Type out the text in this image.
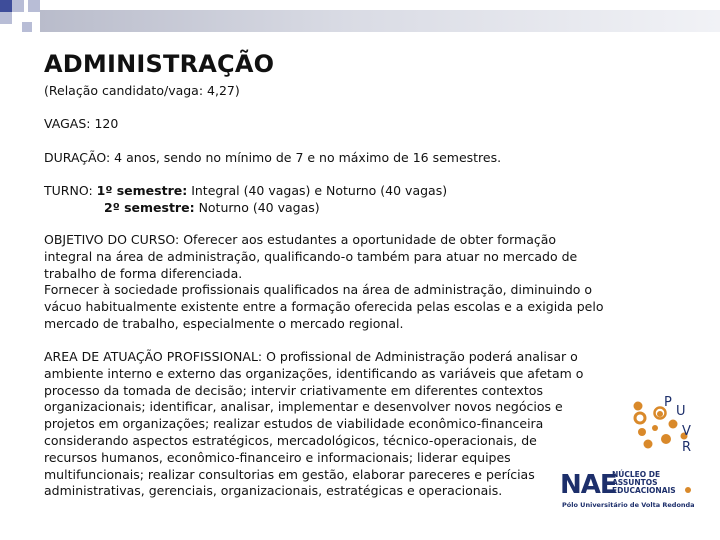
ADMINISTRAÇÃO
(Relação candidato/vaga: 4,27)
VAGAS: 120
DURAÇÃO: 4 anos, sendo no mínimo de 7 e no máximo de 16 semestres.
TURNO: 1º semestre: Integral (40 vagas) e Noturno (40 vagas)
2º semestre: Noturno (40 vagas)
OBJETIVO DO CURSO: Oferecer aos estudantes a oportunidade de obter formação integral na área de administração, qualificando-o também para atuar no mercado de trabalho de forma diferenciada.
Fornecer à sociedade profissionais qualificados na área de administração, diminuindo o vácuo habitualmente existente entre a formação oferecida pelas escolas e a exigida pelo mercado de trabalho, especialmente o mercado regional.
AREA DE ATUAÇÃO PROFISSIONAL: O profissional de Administração poderá analisar o ambiente interno e externo das organizações, identificando as variáveis que afetam o processo da tomada de decisão; intervir criativamente em diferentes contextos organizacionais; identificar, analisar, implementar e desenvolver novos negócios e projetos em organizações; realizar estudos de viabilidade econômico-financeira considerando aspectos estratégicos, mercadológicos, técnico-operacionais, de recursos humanos, econômico-financeiro e informacionais; liderar equipes multifuncionais; realizar consultorias em gestão, elaborar pareceres e perícias administrativas, gerenciais, organizacionais, estratégicas e operacionais.
P
U
V
R
NAE
NÚCLEO DE
ASSUNTOS
EDUCACIONAIS
Pólo Universitário de Volta Redonda
